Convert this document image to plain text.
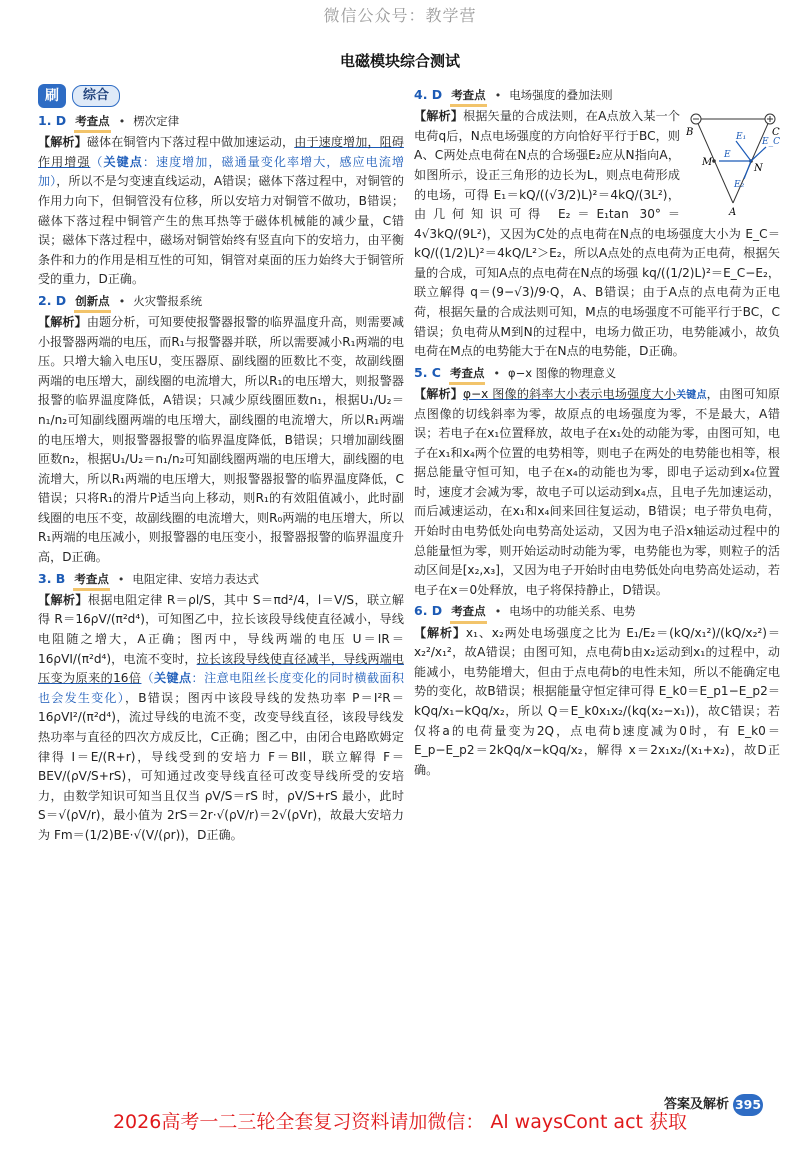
微信公众号：教学营
电磁模块综合测试
刷	综合
1. D 考查点 • 楞次定律

【解析】磁体在铜管内下落过程中做加速运动，由于速度增加，阻碍作用增强（关键点：速度增加，磁通量变化率增大，感应电流增加），所以不是匀变速直线运动，A错误；磁体下落过程中，对铜管的作用力向下，但铜管没有位移，所以安培力对铜管不做功，B错误；磁体下落过程中铜管产生的焦耳热等于磁体机械能的减少量，C错误；磁体下落过程中，磁场对铜管始终有竖直向下的安培力，由平衡条件和力的作用是相互性的可知，铜管对桌面的压力始终大于铜管所受的重力，D正确。

2. D 创新点 • 火灾警报系统

【解析】由题分析，可知要使报警器报警的临界温度升高，则需要减小报警器两端的电压，而R₁与报警器并联，所以需要减小R₁两端的电压。只增大输入电压U，变压器原、副线圈的匝数比不变，故副线圈两端的电压增大，副线圈的电流增大，所以R₁的电压增大，则报警器报警的临界温度降低，A错误；只减少原线圈匝数n₁，根据U₁/U₂＝n₁/n₂可知副线圈两端的电压增大，副线圈的电流增大，所以R₁两端的电压增大，则报警器报警的临界温度降低，B错误；只增加副线圈匝数n₂，根据U₁/U₂＝n₁/n₂可知副线圈两端的电压增大，副线圈的电流增大，所以R₁两端的电压增大，则报警器报警的临界温度降低，C错误；只将R₁的滑片P适当向上移动，则R₁的有效阻值减小，此时副线圈的电压不变，故副线圈的电流增大，则R₀两端的电压增大，所以R₁两端的电压减小，则报警器的电压变小，报警器报警的临界温度升高，D正确。

3. B 考查点 • 电阻定律、安培力表达式

【解析】根据电阻定律 R＝ρl/S，其中 S＝πd²/4，l＝V/S，联立解得 R＝16ρV/(π²d⁴)，可知图乙中，拉长该段导线使直径减小，导线电阻随之增大，A正确；图丙中，导线两端的电压 U＝IR＝16ρVI/(π²d⁴)，电流不变时，拉长该段导线使直径减半，导线两端电压变为原来的16倍（关键点：注意电阻丝长度变化的同时横截面积也会发生变化），B错误；图丙中该段导线的发热功率 P＝I²R＝16ρVI²/(π²d⁴)，流过导线的电流不变，改变导线直径，该段导线发热功率与直径的四次方成反比，C正确；图乙中，由闭合电路欧姆定律得 I＝E/(R+r)，导线受到的安培力 F＝BIl，联立解得 F＝BEV/(ρV/S+rS)，可知通过改变导线直径可改变导线所受的安培力，由数学知识可知当且仅当 ρV/S＝rS 时，ρV/S+rS 最小，此时 S＝√(ρV/r)，最小值为 2rS＝2r·√(ρV/r)＝2√(ρVr)，故最大安培力为 Fm＝(1/2)BE·√(V/(ρr))，D正确。

4. D 考查点 • 电场强度的叠加法则
B	C
A
M
N
E
E₁
E₂
E_C

【解析】根据矢量的合成法则，在A点放入某一个电荷q后，N点电场强度的方向恰好平行于BC，则A、C两处点电荷在N点的合场强E₂应从N指向A，如图所示，设正三角形的边长为L，则点电荷形成的电场，可得 E₁＝kQ/((√3/2)L)²＝4kQ/(3L²)，由几何知识可得 E₂＝E₁tan 30°＝4√3kQ/(9L²)，又因为C处的点电荷在N点的电场强度大小为 E_C＝kQ/((1/2)L)²＝4kQ/L²＞E₂，所以A点处的点电荷为正电荷，根据矢量的合成，可知A点的点电荷在N点的场强 kq/((1/2)L)²＝E_C−E₂，联立解得 q＝(9−√3)/9·Q，A、B错误；由于A点的点电荷为正电荷，根据矢量的合成法则可知，M点的电场强度不可能平行于BC，C错误；负电荷从M到N的过程中，电场力做正功，电势能减小，故负电荷在M点的电势能大于在N点的电势能，D正确。

5. C 考查点 • φ−x 图像的物理意义

【解析】φ−x 图像的斜率大小表示电场强度大小关键点，由图可知原点图像的切线斜率为零，故原点的电场强度为零，不是最大，A错误；若电子在x₁位置释放，故电子在x₁处的动能为零，由图可知，电子在x₁和x₄两个位置的电势相等，则电子在两处的电势能也相等，根据总能量守恒可知，电子在x₄的动能也为零，即电子运动到x₄位置时，速度才会减为零，故电子可以运动到x₄点，且电子先加速运动，而后减速运动，在x₁和x₄间来回往复运动，B错误；电子带负电荷，开始时由电势低处向电势高处运动，又因为电子沿x轴运动过程中的总能量恒为零，则开始运动时动能为零，电势能也为零，则粒子的活动区间是[x₂,x₃]，又因为电子开始时由电势低处向电势高处运动，若电子在x＝0处释放，电子将保持静止，D错误。

6. D 考查点 • 电场中的功能关系、电势

【解析】x₁、x₂两处电场强度之比为 E₁/E₂＝(kQ/x₁²)/(kQ/x₂²)＝x₂²/x₁²，故A错误；由图可知，点电荷b由x₂运动到x₁的过程中，动能减小，电势能增大，但由于点电荷b的电性未知，所以不能确定电势的变化，故B错误；根据能量守恒定律可得 E_k0＝E_p1−E_p2＝kQq/x₁−kQq/x₂，所以 Q＝E_k0x₁x₂/(kq(x₂−x₁))，故C错误；若仅将a的电荷量变为2Q，点电荷b速度减为0时，有 E_k0＝E_p−E_p2＝2kQq/x−kQq/x₂，解得 x＝2x₁x₂/(x₁+x₂)，故D正确。

答案及解析 395
2026高考一二三轮全套复习资料请加微信： Al waysCont act 获取
